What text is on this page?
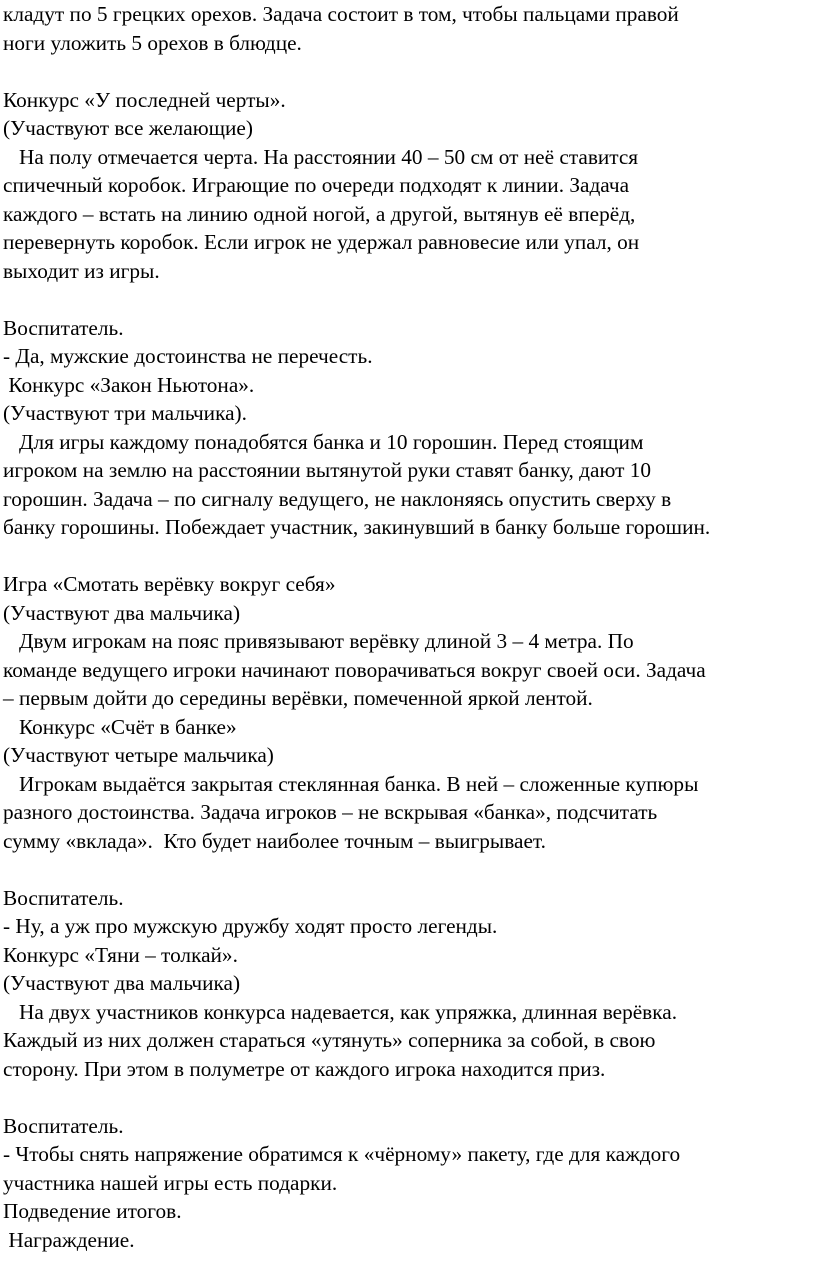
кладут по 5 грецких орехов. Задача состоит в том, чтобы пальцами правой
ноги уложить 5 орехов в блюдце.
Конкурс «У последней черты».
(Участвуют все желающие)
На полу отмечается черта. На расстоянии 40 – 50 см от неё ставится
спичечный коробок. Играющие по очереди подходят к линии. Задача
каждого – встать на линию одной ногой, а другой, вытянув её вперёд,
перевернуть коробок. Если игрок не удержал равновесие или упал, он
выходит из игры.
Воспитатель.
- Да, мужские достоинства не перечесть.
Конкурс «Закон Ньютона».
(Участвуют три мальчика).
Для игры каждому понадобятся банка и 10 горошин. Перед стоящим
игроком на землю на расстоянии вытянутой руки ставят банку, дают 10
горошин. Задача – по сигналу ведущего, не наклоняясь опустить сверху в
банку горошины. Побеждает участник, закинувший в банку больше горошин.
Игра «Смотать верёвку вокруг себя»
(Участвуют два мальчика)
Двум игрокам на пояс привязывают верёвку длиной 3 – 4 метра. По
команде ведущего игроки начинают поворачиваться вокруг своей оси. Задача
– первым дойти до середины верёвки, помеченной яркой лентой.
Конкурс «Счёт в банке»
(Участвуют четыре мальчика)
Игрокам выдаётся закрытая стеклянная банка. В ней – сложенные купюры
разного достоинства. Задача игроков – не вскрывая «банка», подсчитать
сумму «вклада».  Кто будет наиболее точным – выигрывает.
Воспитатель.
- Ну, а уж про мужскую дружбу ходят просто легенды.
Конкурс «Тяни – толкай».
(Участвуют два мальчика)
На двух участников конкурса надевается, как упряжка, длинная верёвка.
Каждый из них должен стараться «утянуть» соперника за собой, в свою
сторону. При этом в полуметре от каждого игрока находится приз.
Воспитатель.
- Чтобы снять напряжение обратимся к «чёрному» пакету, где для каждого
участника нашей игры есть подарки.
Подведение итогов.
Награждение.
